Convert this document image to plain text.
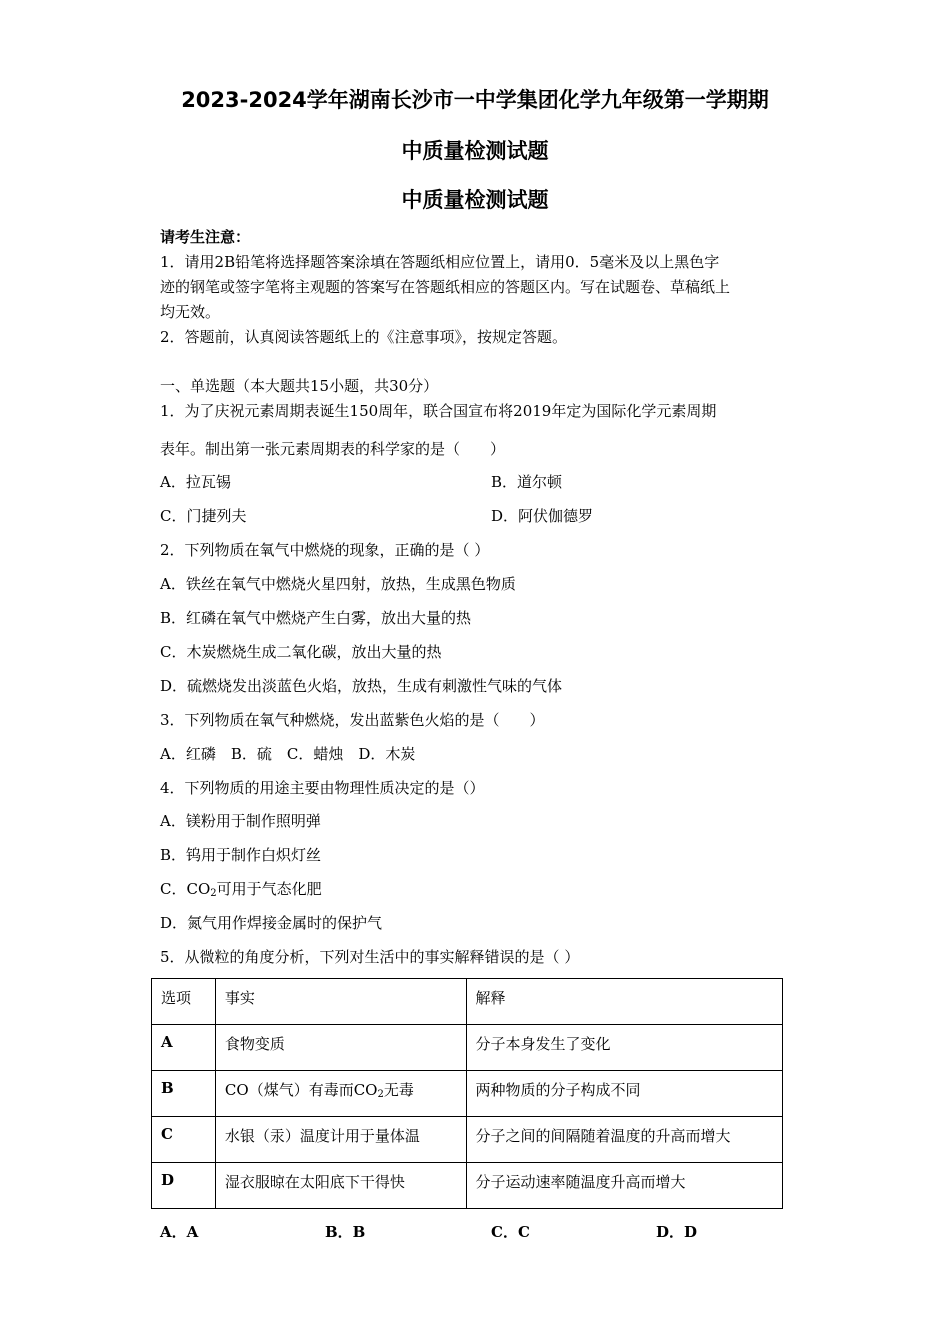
2023-2024学年湖南长沙市一中学集团化学九年级第一学期期
中质量检测试题
中质量检测试题
请考生注意：
1．请用2B铅笔将选择题答案涂填在答题纸相应位置上，请用0．5毫米及以上黑色字
迹的钢笔或签字笔将主观题的答案写在答题纸相应的答题区内。写在试题卷、草稿纸上
均无效。
2．答题前，认真阅读答题纸上的《注意事项》，按规定答题。
一、单选题（本大题共15小题，共30分）
1．为了庆祝元素周期表诞生150周年，联合国宣布将2019年定为国际化学元素周期
表年。制出第一张元素周期表的科学家的是（　　）
A．拉瓦锡	B．道尔顿
C．门捷列夫	D．阿伏伽德罗
2．下列物质在氧气中燃烧的现象，正确的是（ ）
A．铁丝在氧气中燃烧火星四射，放热，生成黑色物质
B．红磷在氧气中燃烧产生白雾，放出大量的热
C．木炭燃烧生成二氧化碳，放出大量的热
D．硫燃烧发出淡蓝色火焰，放热，生成有刺激性气味的气体
3．下列物质在氧气种燃烧，发出蓝紫色火焰的是（　　）
A．红磷　B．硫　C．蜡烛　D．木炭
4．下列物质的用途主要由物理性质决定的是（）
A．镁粉用于制作照明弹
B．钨用于制作白炽灯丝
C．$CO_2$可用于气态化肥
D．氮气用作焊接金属时的保护气
5．从微粒的角度分析，下列对生活中的事实解释错误的是（ ）
选项	事实	解释
A	食物变质	分子本身发生了变化
B	CO（煤气）有毒而$CO_2$无毒	两种物质的分子构成不同
C	水银（汞）温度计用于量体温	分子之间的间隔随着温度的升高而增大
D	湿衣服晾在太阳底下干得快	分子运动速率随温度升高而增大
A．A	B．B	C．C	D．D
